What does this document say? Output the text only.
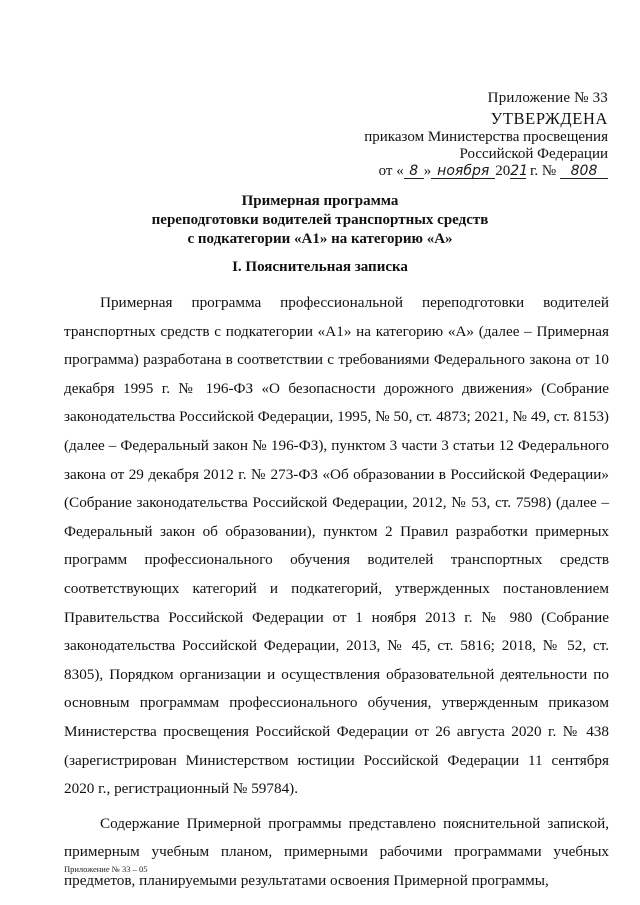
Приложение № 33
УТВЕРЖДЕНА
приказом Министерства просвещения
Российской Федерации
от « 8 » ноября 2021 г. № 808
Примерная программа
переподготовки водителей транспортных средств
с подкатегории «А1» на категорию «А»
I. Пояснительная записка

Примерная программа профессиональной переподготовки водителей транспортных средств с подкатегории «А1» на категорию «А» (далее – Примерная программа) разработана в соответствии с требованиями Федерального закона от 10 декабря 1995 г. № 196-ФЗ «О безопасности дорожного движения» (Собрание законодательства Российской Федерации, 1995, № 50, ст. 4873; 2021, № 49, ст. 8153) (далее – Федеральный закон № 196-ФЗ), пунктом 3 части 3 статьи 12 Федерального закона от 29 декабря 2012 г. № 273-ФЗ «Об образовании в Российской Федерации» (Собрание законодательства Российской Федерации, 2012, № 53, ст. 7598) (далее – Федеральный закон об образовании), пунктом 2 Правил разработки примерных программ профессионального обучения водителей транспортных средств соответствующих категорий и подкатегорий, утвержденных постановлением Правительства Российской Федерации от 1 ноября 2013 г. № 980 (Собрание законодательства Российской Федерации, 2013, № 45, ст. 5816; 2018, № 52, ст. 8305), Порядком организации и осуществления образовательной деятельности по основным программам профессионального обучения, утвержденным приказом Министерства просвещения Российской Федерации от 26 августа 2020 г. № 438 (зарегистрирован Министерством юстиции Российской Федерации 11 сентября 2020 г., регистрационный № 59784).

Содержание Примерной программы представлено пояснительной запиской, примерным учебным планом, примерными рабочими программами учебных предметов, планируемыми результатами освоения Примерной программы,

Приложение № 33 – 05
